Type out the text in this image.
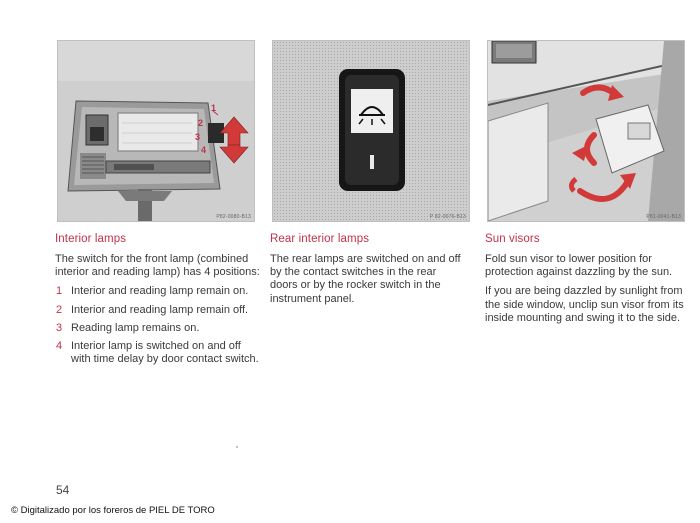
1
2
3
4
P82-0080-B13	P 82-0076-B13	P81-0041-B13
Interior lamps

The switch for the front lamp (combined interior and reading lamp) has 4 positions:

1 Interior and reading lamp remain on.
2 Interior and reading lamp remain off.
3 Reading lamp remains on.
4 Interior lamp is switched on and off with time delay by door contact switch.
Rear interior lamps

The rear lamps are switched on and off by the contact switches in the rear doors or by the rocker switch in the instrument panel.

Sun visors

Fold sun visor to lower position for protection against dazzling by the sun.

If you are being dazzled by sunlight from the side window, unclip sun visor from its inside mounting and swing it to the side.

54
© Digitalizado por los foreros de PIEL DE TORO
